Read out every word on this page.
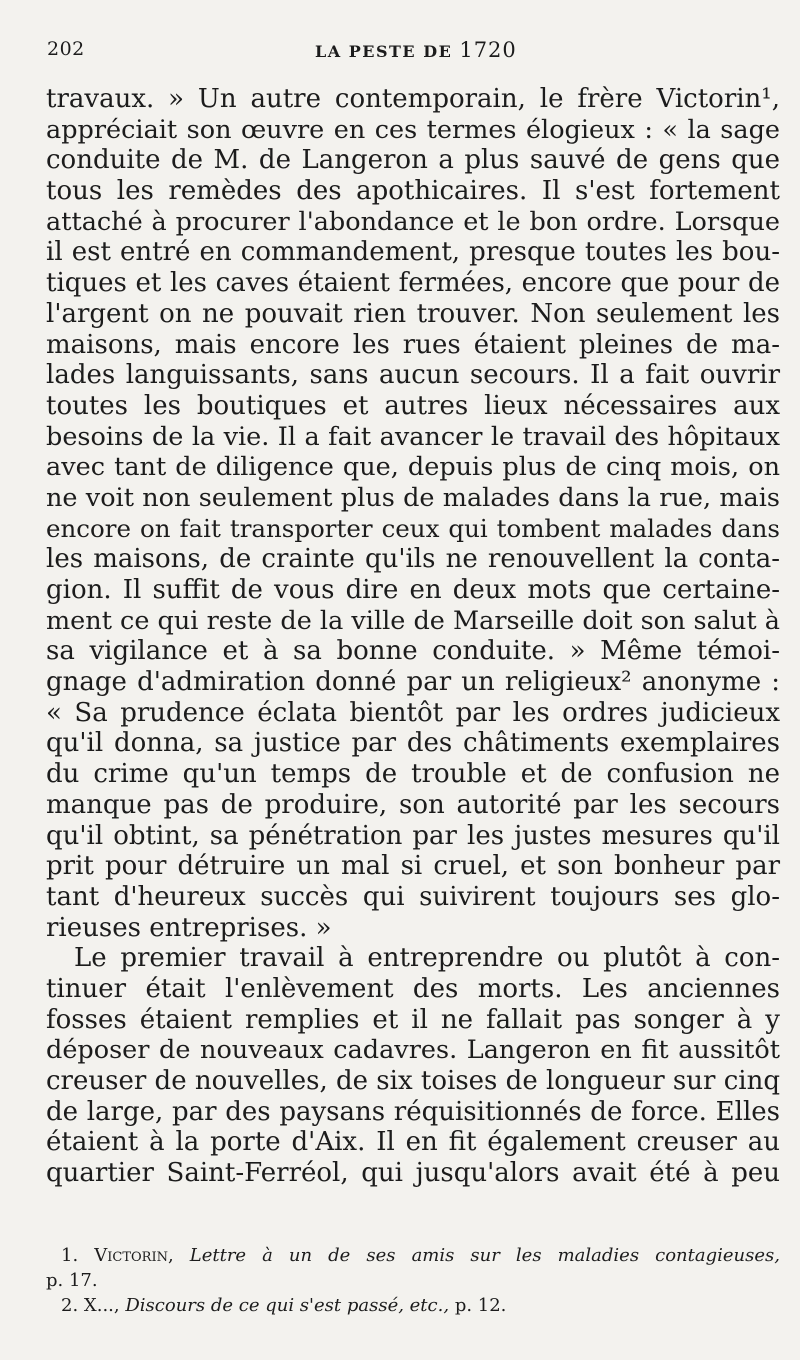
202	LA PESTE DE 1720
travaux. » Un autre contemporain, le frère Victorin¹,
appréciait son œuvre en ces termes élogieux : « la sage
conduite de M. de Langeron a plus sauvé de gens que
tous les remèdes des apothicaires. Il s'est fortement
attaché à procurer l'abondance et le bon ordre. Lorsque
il est entré en commandement, presque toutes les bou-
tiques et les caves étaient fermées, encore que pour de
l'argent on ne pouvait rien trouver. Non seulement les
maisons, mais encore les rues étaient pleines de ma-
lades languissants, sans aucun secours. Il a fait ouvrir
toutes les boutiques et autres lieux nécessaires aux
besoins de la vie. Il a fait avancer le travail des hôpitaux
avec tant de diligence que, depuis plus de cinq mois, on
ne voit non seulement plus de malades dans la rue, mais
encore on fait transporter ceux qui tombent malades dans
les maisons, de crainte qu'ils ne renouvellent la conta-
gion. Il suffit de vous dire en deux mots que certaine-
ment ce qui reste de la ville de Marseille doit son salut à
sa vigilance et à sa bonne conduite. » Même témoi-
gnage d'admiration donné par un religieux² anonyme :
« Sa prudence éclata bientôt par les ordres judicieux
qu'il donna, sa justice par des châtiments exemplaires
du crime qu'un temps de trouble et de confusion ne
manque pas de produire, son autorité par les secours
qu'il obtint, sa pénétration par les justes mesures qu'il
prit pour détruire un mal si cruel, et son bonheur par
tant d'heureux succès qui suivirent toujours ses glo-
rieuses entreprises. »
Le premier travail à entreprendre ou plutôt à con-
tinuer était l'enlèvement des morts. Les anciennes
fosses étaient remplies et il ne fallait pas songer à y
déposer de nouveaux cadavres. Langeron en fit aussitôt
creuser de nouvelles, de six toises de longueur sur cinq
de large, par des paysans réquisitionnés de force. Elles
étaient à la porte d'Aix. Il en fit également creuser au
quartier Saint-Ferréol, qui jusqu'alors avait été à peu
1. Victorin, Lettre à un de ses amis sur les maladies contagieuses,
p. 17.
2. X..., Discours de ce qui s'est passé, etc., p. 12.
